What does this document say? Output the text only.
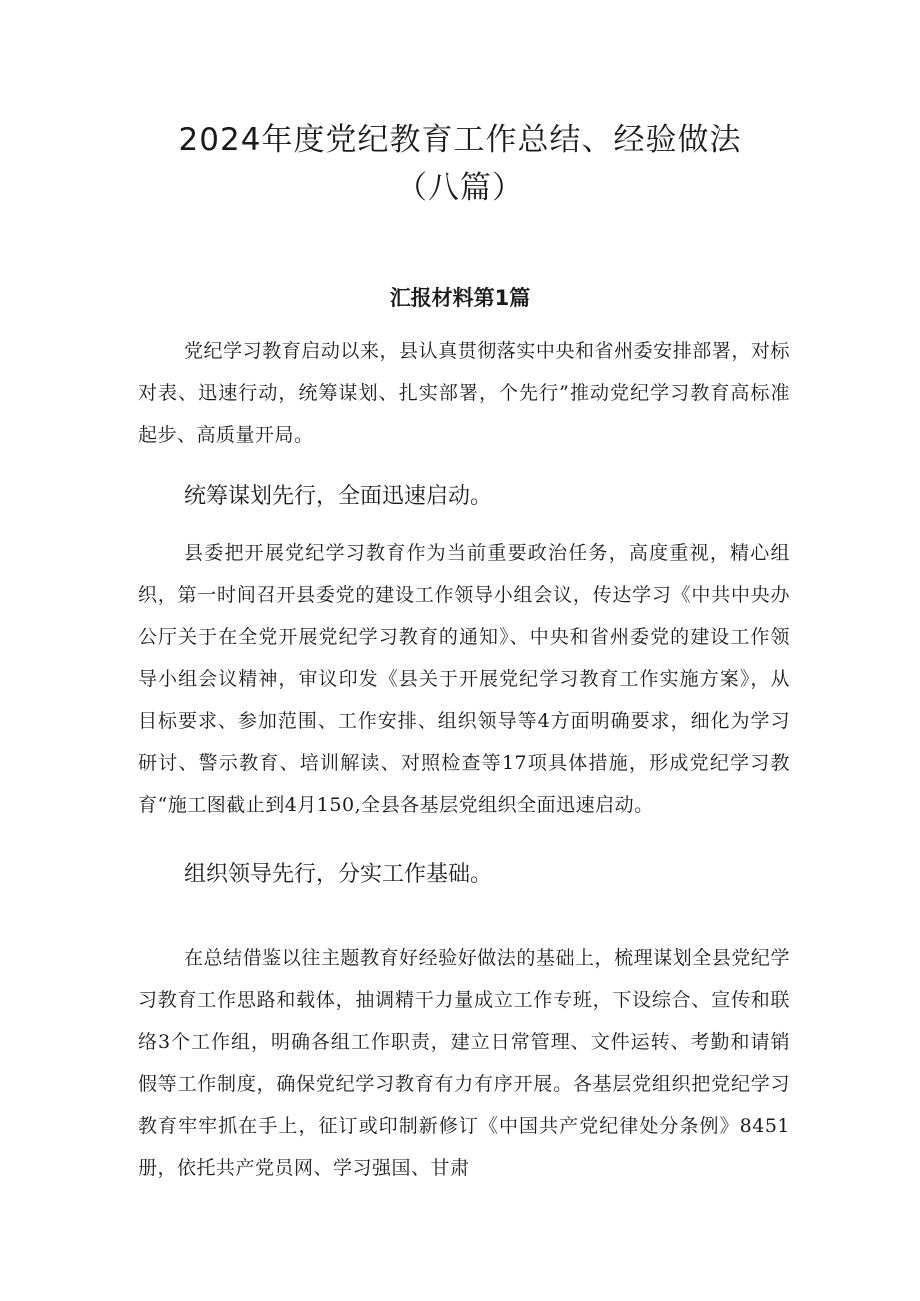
2024年度党纪教育工作总结、经验做法
（八篇）
汇报材料第1篇

党纪学习教育启动以来，县认真贯彻落实中央和省州委安排部署，对标对表、迅速行动，统筹谋划、扎实部署，个先行”推动党纪学习教育高标准起步、高质量开局。

统筹谋划先行，全面迅速启动。

县委把开展党纪学习教育作为当前重要政治任务，高度重视，精心组织，第一时间召开县委党的建设工作领导小组会议，传达学习《中共中央办公厅关于在全党开展党纪学习教育的通知》、中央和省州委党的建设工作领导小组会议精神，审议印发《县关于开展党纪学习教育工作实施方案》，从目标要求、参加范围、工作安排、组织领导等4方面明确要求，细化为学习研讨、警示教育、培训解读、对照检查等17项具体措施，形成党纪学习教育“施工图截止到4月150,全县各基层党组织全面迅速启动。

组织领导先行，分实工作基础。

在总结借鉴以往主题教育好经验好做法的基础上，梳理谋划全县党纪学习教育工作思路和载体，抽调精干力量成立工作专班，下设综合、宣传和联络3个工作组，明确各组工作职责，建立日常管理、文件运转、考勤和请销假等工作制度，确保党纪学习教育有力有序开展。各基层党组织把党纪学习教育牢牢抓在手上，征订或印制新修订《中国共产党纪律处分条例》8451册，依托共产党员网、学习强国、甘肃
